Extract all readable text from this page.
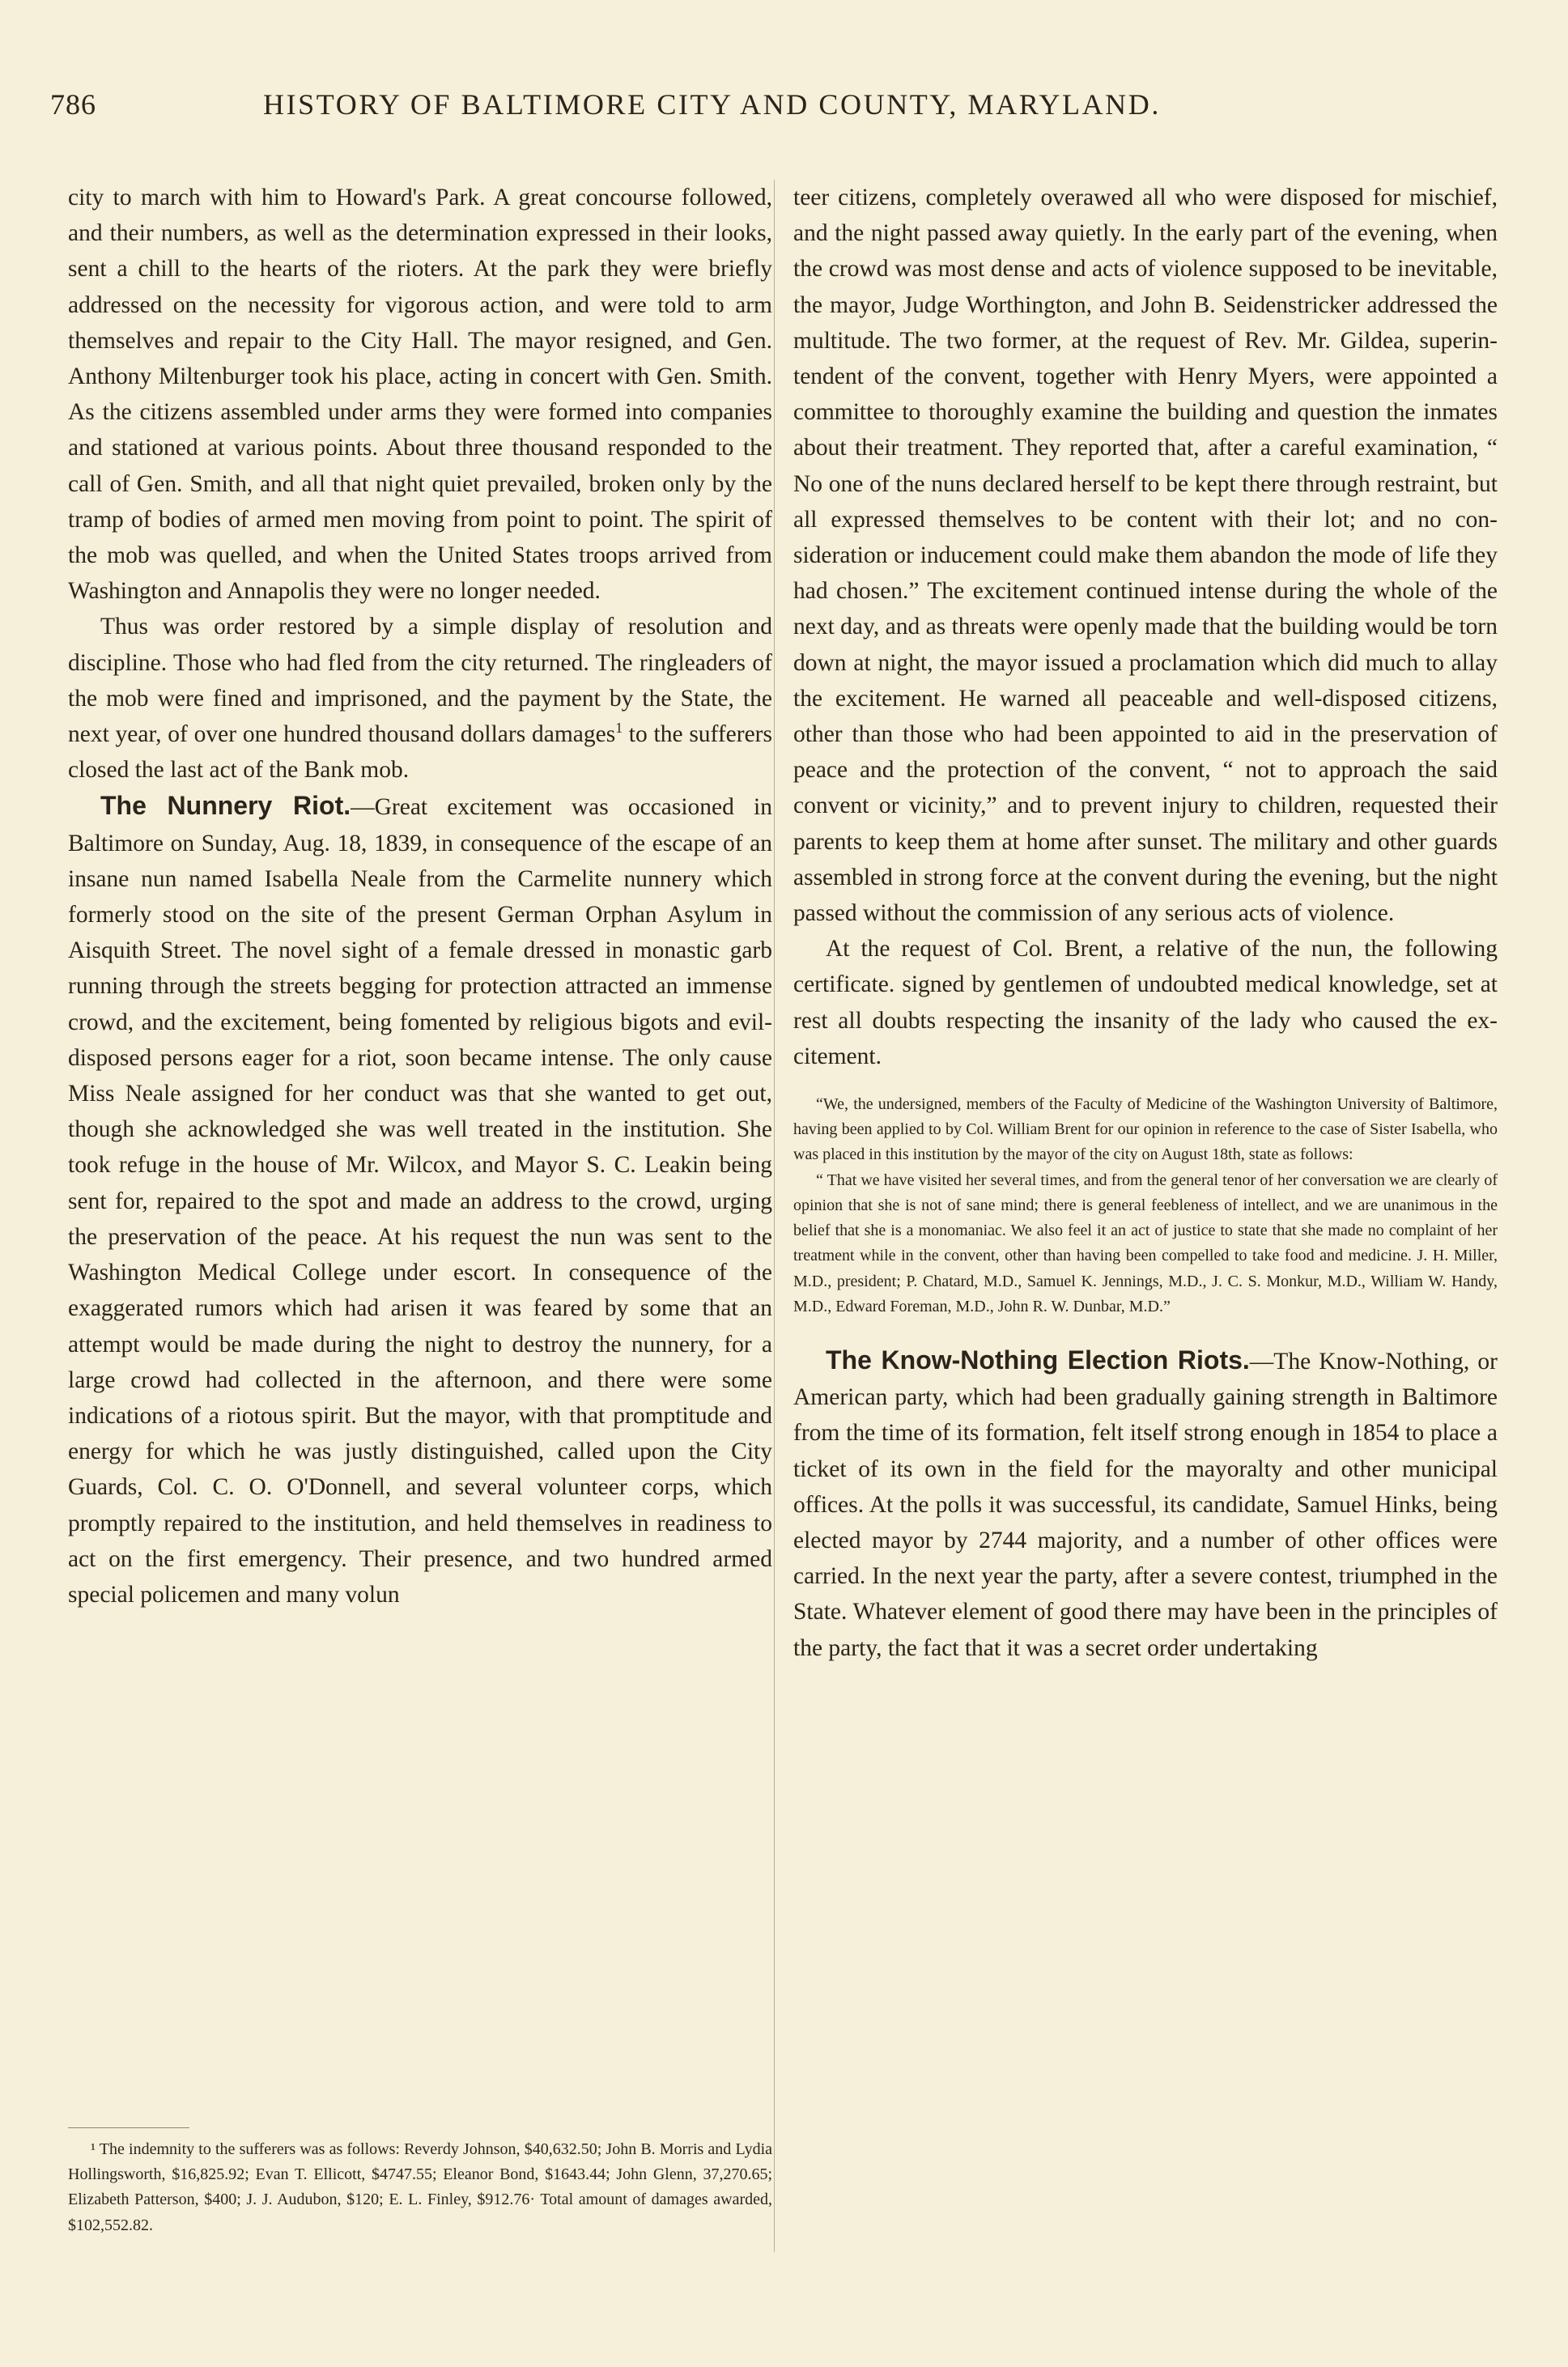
786	HISTORY OF BALTIMORE CITY AND COUNTY, MARYLAND.

city to march with him to Howard's Park. A great concourse followed, and their numbers, as well as the determination expressed in their looks, sent a chill to the hearts of the rioters. At the park they were briefly addressed on the necessity for vigorous action, and were told to arm themselves and repair to the City Hall. The mayor resigned, and Gen. Anthony Miltenburger took his place, acting in concert with Gen. Smith. As the citizens assembled under arms they were formed into companies and stationed at various points. About three thousand responded to the call of Gen. Smith, and all that night quiet prevailed, broken only by the tramp of bodies of armed men moving from point to point. The spirit of the mob was quelled, and when the United States troops arrived from Washington and Annapolis they were no longer needed.

Thus was order restored by a simple display of resolution and discipline. Those who had fled from the city returned. The ringleaders of the mob were fined and imprisoned, and the payment by the State, the next year, of over one hundred thousand dollars damages$^1$ to the sufferers closed the last act of the Bank mob.

The Nunnery Riot.—Great excitement was occasioned in Baltimore on Sunday, Aug. 18, 1839, in consequence of the escape of an insane nun named Isabella Neale from the Carmelite nunnery which formerly stood on the site of the present German Orphan Asylum in Aisquith Street. The novel sight of a female dressed in monastic garb running through the streets begging for protection attracted an immense crowd, and the excitement, being fomented by religious bigots and evil-disposed persons eager for a riot, soon became intense. The only cause Miss Neale assigned for her conduct was that she wanted to get out, though she acknowledged she was well treated in the institution. She took refuge in the house of Mr. Wilcox, and Mayor S. C. Leakin being sent for, repaired to the spot and made an address to the crowd, urging the preservation of the peace. At his request the nun was sent to the Washington Medical College under escort. In consequence of the exaggerated rumors which had arisen it was feared by some that an attempt would be made during the night to destroy the nunnery, for a large crowd had collected in the afternoon, and there were some indications of a riotous spirit. But the mayor, with that promptitude and energy for which he was justly distinguished, called upon the City Guards, Col. C. O. O'Donnell, and several volunteer corps, which promptly repaired to the institution, and held themselves in readiness to act on the first emergency. Their presence, and two hundred armed special policemen and many volun

¹ The indemnity to the sufferers was as follows: Reverdy Johnson, $40,632.50; John B. Morris and Lydia Hollingsworth, $16,825.92; Evan T. Ellicott, $4747.55; Eleanor Bond, $1643.44; John Glenn, 37,270.65; Elizabeth Patterson, $400; J. J. Audubon, $120; E. L. Finley, $912.76· Total amount of damages awarded, $102,552.82.

teer citizens, completely overawed all who were disposed for mischief, and the night passed away quietly. In the early part of the evening, when the crowd was most dense and acts of violence supposed to be inevitable, the mayor, Judge Worthington, and John B. Seidenstricker addressed the multitude. The two former, at the request of Rev. Mr. Gildea, superintendent of the convent, together with Henry Myers, were appointed a committee to thoroughly examine the building and question the inmates about their treatment. They reported that, after a careful examination, “ No one of the nuns declared herself to be kept there through restraint, but all expressed themselves to be content with their lot; and no consideration or inducement could make them abandon the mode of life they had chosen.” The excitement continued intense during the whole of the next day, and as threats were openly made that the building would be torn down at night, the mayor issued a proclamation which did much to allay the excitement. He warned all peaceable and well-disposed citizens, other than those who had been appointed to aid in the preservation of peace and the protection of the convent, “ not to approach the said convent or vicinity,” and to prevent injury to children, requested their parents to keep them at home after sunset. The military and other guards assembled in strong force at the convent during the evening, but the night passed without the commission of any serious acts of violence.

At the request of Col. Brent, a relative of the nun, the following certificate. signed by gentlemen of undoubted medical knowledge, set at rest all doubts respecting the insanity of the lady who caused the excitement.

“We, the undersigned, members of the Faculty of Medicine of the Washington University of Baltimore, having been applied to by Col. William Brent for our opinion in reference to the case of Sister Isabella, who was placed in this institution by the mayor of the city on August 18th, state as follows:

“ That we have visited her several times, and from the general tenor of her conversation we are clearly of opinion that she is not of sane mind; there is general feebleness of intellect, and we are unanimous in the belief that she is a monomaniac. We also feel it an act of justice to state that she made no complaint of her treatment while in the convent, other than having been compelled to take food and medicine. J. H. Miller, M.D., president; P. Chatard, M.D., Samuel K. Jennings, M.D., J. C. S. Monkur, M.D., William W. Handy, M.D., Edward Foreman, M.D., John R. W. Dunbar, M.D.”

The Know-Nothing Election Riots.—The Know-Nothing, or American party, which had been gradually gaining strength in Baltimore from the time of its formation, felt itself strong enough in 1854 to place a ticket of its own in the field for the mayoralty and other municipal offices. At the polls it was successful, its candidate, Samuel Hinks, being elected mayor by 2744 majority, and a number of other offices were carried. In the next year the party, after a severe contest, triumphed in the State. Whatever element of good there may have been in the principles of the party, the fact that it was a secret order undertaking
